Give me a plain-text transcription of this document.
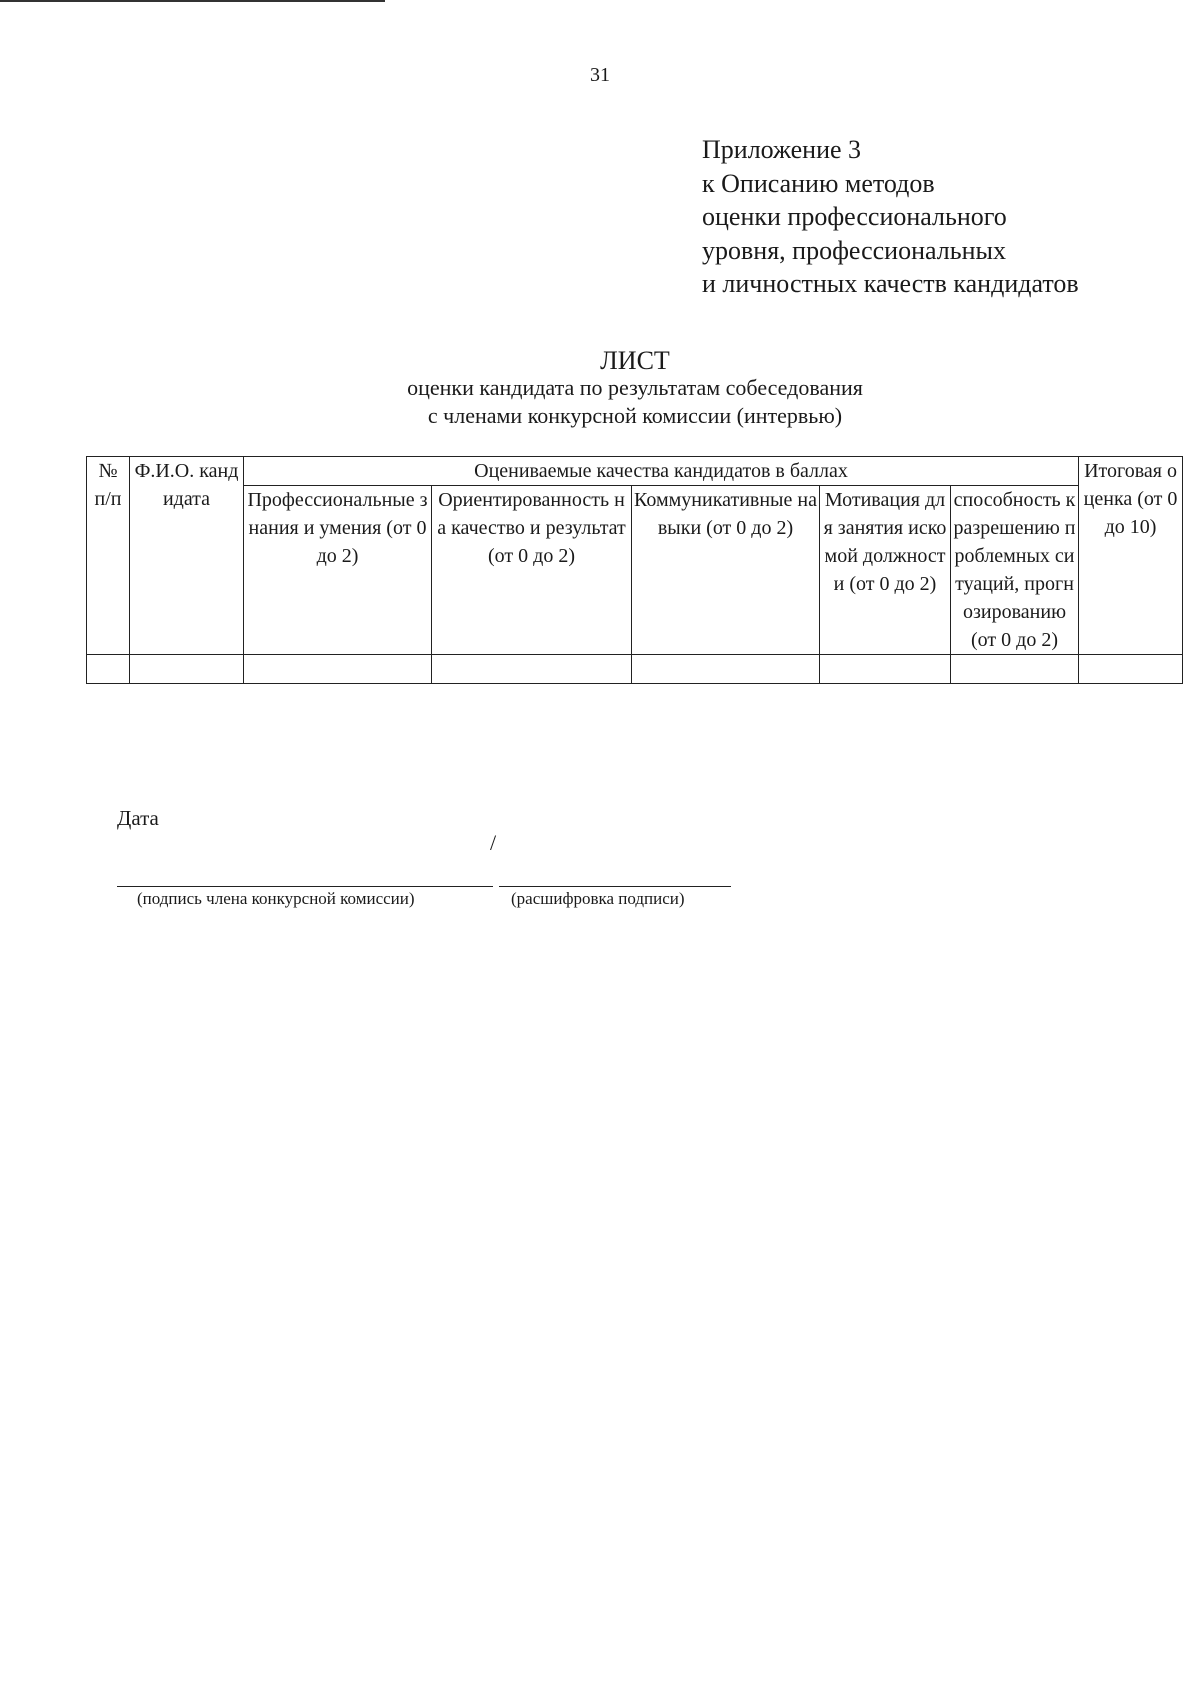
31
Приложение 3
к Описанию методов
оценки профессионального
уровня, профессиональных
и личностных качеств кандидатов
ЛИСТ
оценки кандидата по результатам собеседования
с членами конкурсной комиссии (интервью)
№ п/п	Ф.И.О. кандидата	Оцениваемые качества кандидатов в баллах					Итоговая оценка (от 0 до 10)
		Профессиональные знания и умения (от 0 до 2)	Ориентированность на качество и результат (от 0 до 2)	Коммуникативные навыки (от 0 до 2)	Мотивация для занятия искомой должности (от 0 до 2)	способность к разрешению проблемных ситуаций, прогнозированию (от 0 до 2)	

Дата
/
(подпись члена конкурсной комиссии)	(расшифровка подписи)
